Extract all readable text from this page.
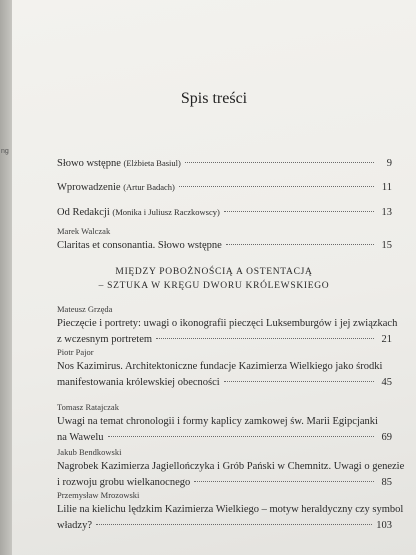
ng
Spis treści
Słowo wstępne (Elżbieta Basiul)	9
Wprowadzenie (Artur Badach)	11
Od Redakcji (Monika i Juliusz Raczkowscy)	13
Marek Walczak
Claritas et consonantia. Słowo wstępne	15
MIĘDZY POBOŻNOŚCIĄ A OSTENTACJĄ
– SZTUKA W KRĘGU DWORU KRÓLEWSKIEGO
Mateusz Grzęda
Pieczęcie i portrety: uwagi o ikonografii pieczęci Luksemburgów i jej związkach
z wczesnym portretem	21
Piotr Pajor
Nos Kazimirus. Architektoniczne fundacje Kazimierza Wielkiego jako środki
manifestowania królewskiej obecności	45
Tomasz Ratajczak
Uwagi na temat chronologii i formy kaplicy zamkowej św. Marii Egipcjanki
na Wawelu	69
Jakub Bendkowski
Nagrobek Kazimierza Jagiellończyka i Grób Pański w Chemnitz. Uwagi o genezie
i rozwoju grobu wielkanocnego	85
Przemysław Mrozowski
Lilie na kielichu lędzkim Kazimierza Wielkiego – motyw heraldyczny czy symbol
władzy?	103
